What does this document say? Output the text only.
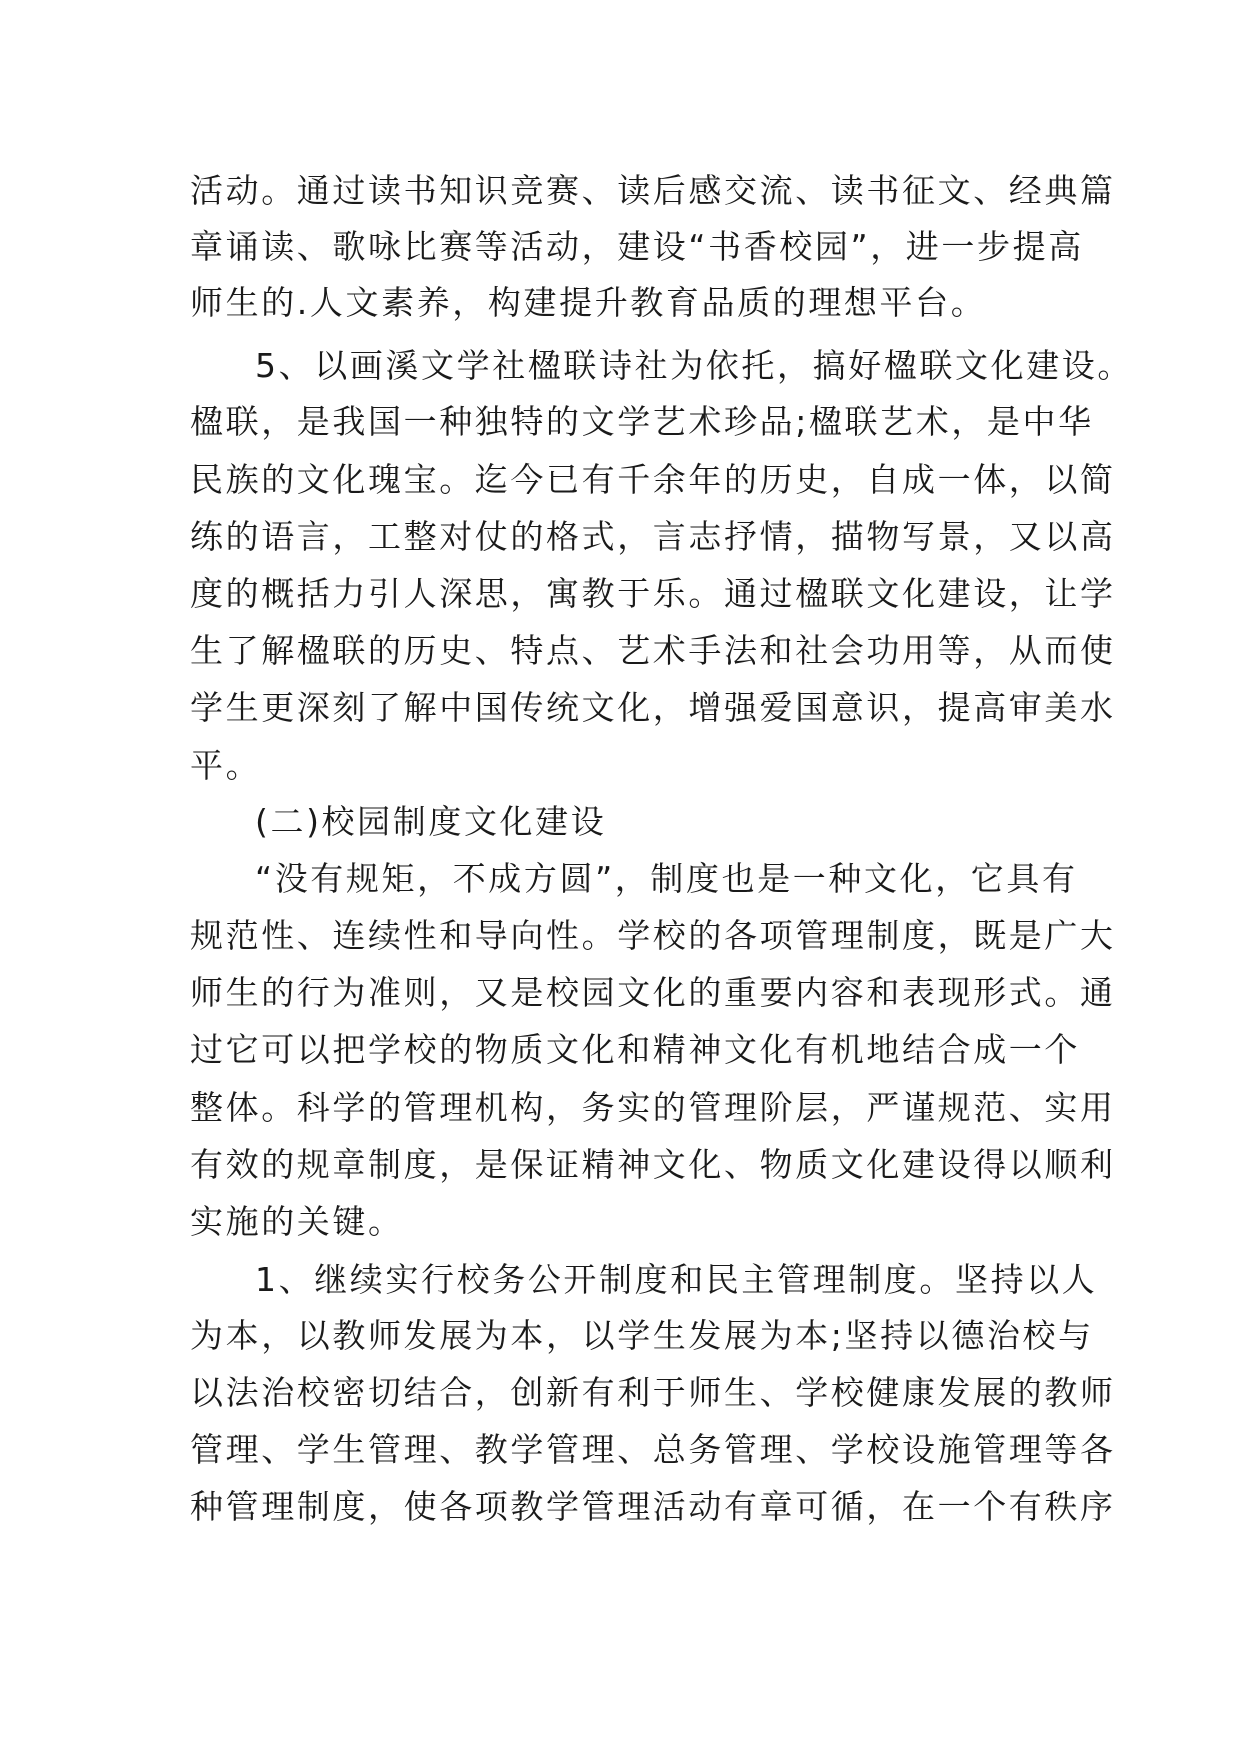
活动。通过读书知识竞赛、读后感交流、读书征文、经典篇
章诵读、歌咏比赛等活动，建设“书香校园”，进一步提高
师生的.人文素养，构建提升教育品质的理想平台。
5、以画溪文学社楹联诗社为依托，搞好楹联文化建设。
楹联，是我国一种独特的文学艺术珍品;楹联艺术，是中华
民族的文化瑰宝。迄今已有千余年的历史，自成一体，以简
练的语言，工整对仗的格式，言志抒情，描物写景，又以高
度的概括力引人深思，寓教于乐。通过楹联文化建设，让学
生了解楹联的历史、特点、艺术手法和社会功用等，从而使
学生更深刻了解中国传统文化，增强爱国意识，提高审美水
平。
(二)校园制度文化建设
“没有规矩，不成方圆”，制度也是一种文化，它具有
规范性、连续性和导向性。学校的各项管理制度，既是广大
师生的行为准则，又是校园文化的重要内容和表现形式。通
过它可以把学校的物质文化和精神文化有机地结合成一个
整体。科学的管理机构，务实的管理阶层，严谨规范、实用
有效的规章制度，是保证精神文化、物质文化建设得以顺利
实施的关键。
1、继续实行校务公开制度和民主管理制度。坚持以人
为本，以教师发展为本，以学生发展为本;坚持以德治校与
以法治校密切结合，创新有利于师生、学校健康发展的教师
管理、学生管理、教学管理、总务管理、学校设施管理等各
种管理制度，使各项教学管理活动有章可循，在一个有秩序
